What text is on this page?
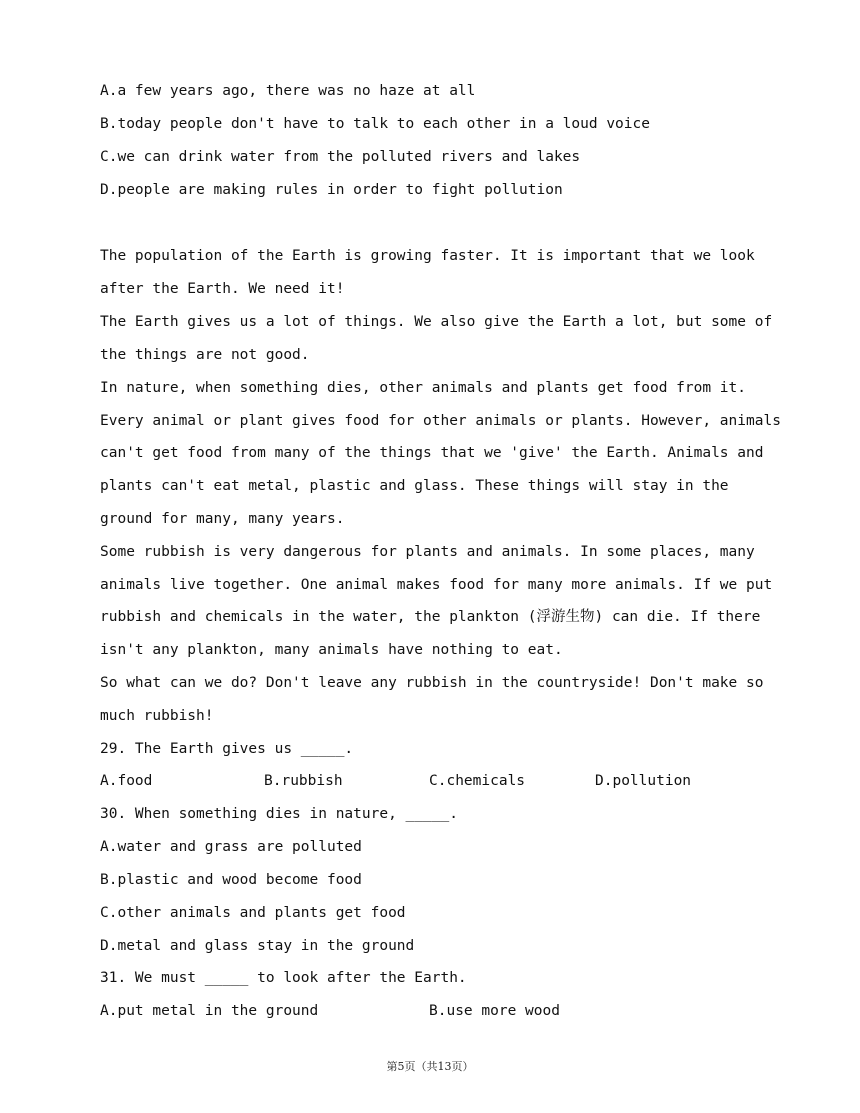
A.a few years ago, there was no haze at all
B.today people don't have to talk to each other in a loud voice
C.we can drink water from the polluted rivers and lakes
D.people are making rules in order to fight pollution
The population of the Earth is growing faster. It is important that we look
after the Earth. We need it!
The Earth gives us a lot of things. We also give the Earth a lot, but some of
the things are not good.
In nature, when something dies, other animals and plants get food from it.
Every animal or plant gives food for other animals or plants. However, animals
can't get food from many of the things that we 'give' the Earth. Animals and
plants can't eat metal, plastic and glass. These things will stay in the
ground for many, many years.
Some rubbish is very dangerous for plants and animals. In some places, many
animals live together. One animal makes food for many more animals. If we put
rubbish and chemicals in the water, the plankton (浮游生物) can die. If there
isn't any plankton, many animals have nothing to eat.
So what can we do? Don't leave any rubbish in the countryside! Don't make so
much rubbish!
29. The Earth gives us _____.
A.food	B.rubbish	C.chemicals	D.pollution
30. When something dies in nature, _____.
A.water and grass are polluted
B.plastic and wood become food
C.other animals and plants get food
D.metal and glass stay in the ground
31. We must _____ to look after the Earth.
A.put metal in the ground	B.use more wood
第5页（共13页）
